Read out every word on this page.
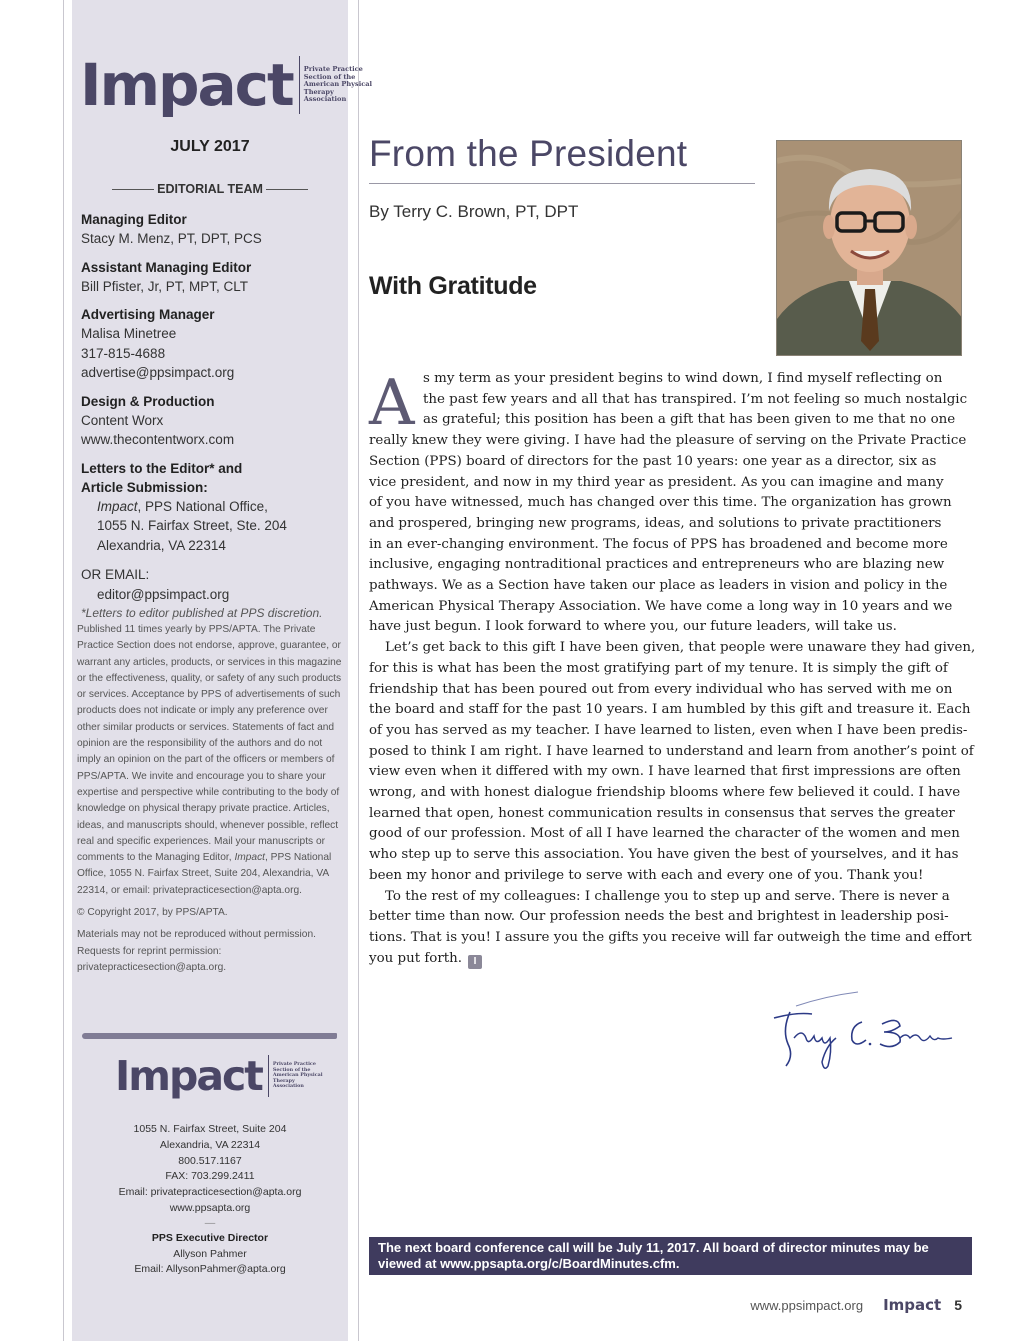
Impact Private Practice
Section of the
American Physical
Therapy Association
JULY 2017
EDITORIAL TEAM
Managing Editor
Stacy M. Menz, PT, DPT, PCS
Assistant Managing Editor
Bill Pfister, Jr, PT, MPT, CLT
Advertising Manager
Malisa Minetree
317-815-4688
advertise@ppsimpact.org
Design & Production
Content Worx
www.thecontentworx.com
Letters to the Editor* and
Article Submission:
Impact, PPS National Office,
1055 N. Fairfax Street, Ste. 204
Alexandria, VA 22314
OR EMAIL:
editor@ppsimpact.org
*Letters to editor published at PPS discretion.

Published 11 times yearly by PPS/APTA. The Private Practice Section does not endorse, approve, guarantee, or warrant any articles, products, or services in this magazine or the effectiveness, quality, or safety of any such products or services. Acceptance by PPS of advertisements of such products does not indicate or imply any preference over other similar products or services. Statements of fact and opinion are the responsibility of the authors and do not imply an opinion on the part of the officers or members of PPS/APTA. We invite and encourage you to share your expertise and perspective while contributing to the body of knowledge on physical therapy private practice. Articles, ideas, and manuscripts should, whenever possible, reflect real and specific experiences. Mail your manuscripts or comments to the Managing Editor, Impact, PPS National Office, 1055 N. Fairfax Street, Suite 204, Alexandria, VA 22314, or email: privatepracticesection@apta.org.

© Copyright 2017, by PPS/APTA.

Materials may not be reproduced without permission. Requests for reprint permission: privatepracticesection@apta.org.

Impact Private Practice
Section of the
American Physical
Therapy Association
1055 N. Fairfax Street, Suite 204
Alexandria, VA 22314
800.517.1167
FAX: 703.299.2411
Email: privatepracticesection@apta.org
www.ppsapta.org
—
PPS Executive Director
Allyson Pahmer
Email: AllysonPahmer@apta.org
From the President
By Terry C. Brown, PT, DPT
With Gratitude
A s my term as your president begins to wind down, I find myself reflecting on
the past few years and all that has transpired. I’m not feeling so much nostalgic
as grateful; this position has been a gift that has been given to me that no one
really knew they were giving. I have had the pleasure of serving on the Private Practice
Section (PPS) board of directors for the past 10 years: one year as a director, six as
vice president, and now in my third year as president. As you can imagine and many
of you have witnessed, much has changed over this time. The organization has grown
and prospered, bringing new programs, ideas, and solutions to private practitioners
in an ever-changing environment. The focus of PPS has broadened and become more
inclusive, engaging nontraditional practices and entrepreneurs who are blazing new
pathways. We as a Section have taken our place as leaders in vision and policy in the
American Physical Therapy Association. We have come a long way in 10 years and we
have just begun. I look forward to where you, our future leaders, will take us.
Let’s get back to this gift I have been given, that people were unaware they had given,
for this is what has been the most gratifying part of my tenure. It is simply the gift of
friendship that has been poured out from every individual who has served with me on
the board and staff for the past 10 years. I am humbled by this gift and treasure it. Each
of you has served as my teacher. I have learned to listen, even when I have been predis-
posed to think I am right. I have learned to understand and learn from another’s point of
view even when it differed with my own. I have learned that first impressions are often
wrong, and with honest dialogue friendship blooms where few believed it could. I have
learned that open, honest communication results in consensus that serves the greater
good of our profession. Most of all I have learned the character of the women and men
who step up to serve this association. You have given the best of yourselves, and it has
been my honor and privilege to serve with each and every one of you. Thank you!
To the rest of my colleagues: I challenge you to step up and serve. There is never a
better time than now. Our profession needs the best and brightest in leadership posi-
tions. That is you! I assure you the gifts you receive will far outweigh the time and effort
you put forth. I
The next board conference call will be July 11, 2017. All board of director minutes may be viewed at www.ppsapta.org/c/BoardMinutes.cfm.
www.ppsimpact.org Impact 5
